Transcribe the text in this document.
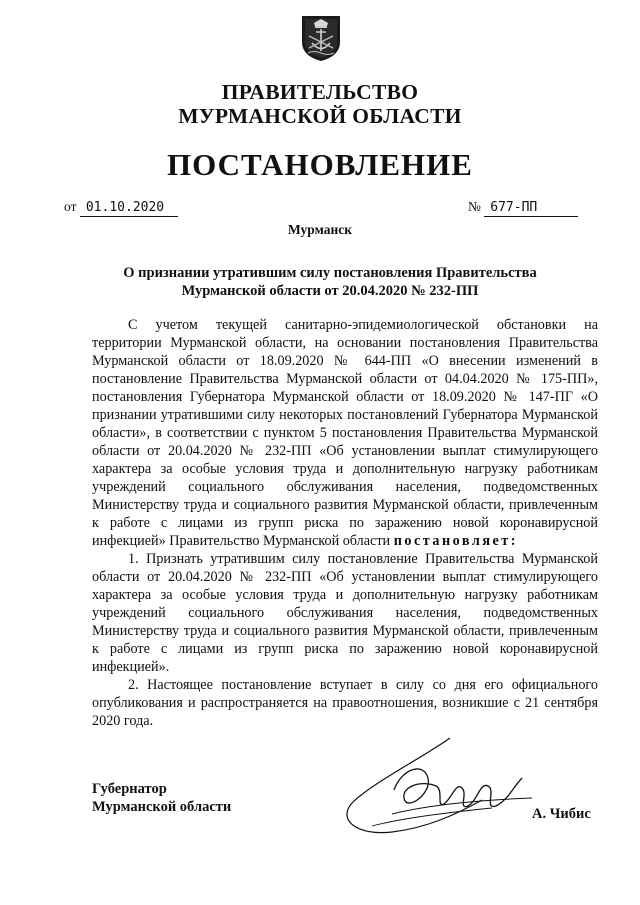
ПРАВИТЕЛЬСТВО
МУРМАНСКОЙ ОБЛАСТИ
ПОСТАНОВЛЕНИЕ
от 01.10.2020	№ 677-ПП
Мурманск
О признании утратившим силу постановления Правительства
Мурманской области от 20.04.2020 № 232-ПП

С учетом текущей санитарно-эпидемиологической обстановки на территории Мурманской области, на основании постановления Правительства Мурманской области от 18.09.2020 № 644-ПП «О внесении изменений в постановление Правительства Мурманской области от 04.04.2020 № 175-ПП», постановления Губернатора Мурманской области от 18.09.2020 № 147-ПГ «О признании утратившими силу некоторых постановлений Губернатора Мурманской области», в соответствии с пунктом 5 постановления Правительства Мурманской области от 20.04.2020 № 232-ПП «Об установлении выплат стимулирующего характера за особые условия труда и дополнительную нагрузку работникам учреждений социального обслуживания населения, подведомственных Министерству труда и социального развития Мурманской области, привлеченным к работе с лицами из групп риска по заражению новой коронавирусной инфекцией» Правительство Мурманской области постановляет:

1. Признать утратившим силу постановление Правительства Мурманской области от 20.04.2020 № 232-ПП «Об установлении выплат стимулирующего характера за особые условия труда и дополнительную нагрузку работникам учреждений социального обслуживания населения, подведомственных Министерству труда и социального развития Мурманской области, привлеченным к работе с лицами из групп риска по заражению новой коронавирусной инфекцией».

2. Настоящее постановление вступает в силу со дня его официального опубликования и распространяется на правоотношения, возникшие с 21 сентября 2020 года.

Губернатор
Мурманской области	А. Чибис
